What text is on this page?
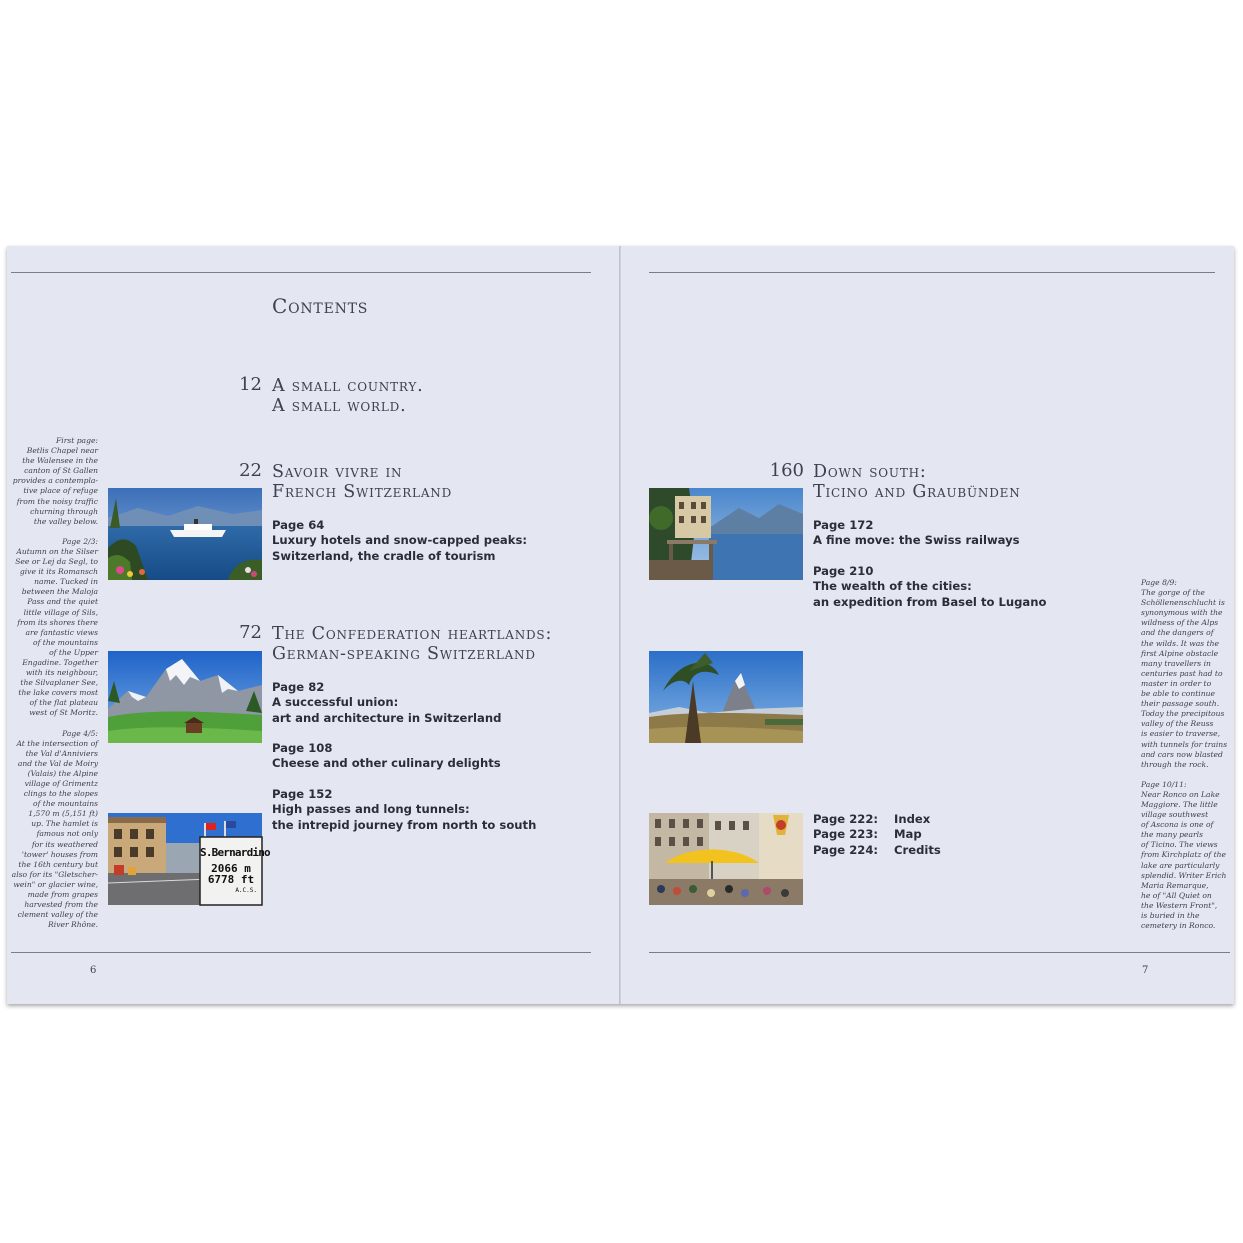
Contents
12 A small country.
A small world.
22 Savoir vivre in
French Switzerland
Page 64
Luxury hotels and snow-capped peaks:
Switzerland, the cradle of tourism
72 The Confederation heartlands:
German-speaking Switzerland
Page 82
A successful union:
art and architecture in Switzerland
Page 108
Cheese and other culinary delights
Page 152
High passes and long tunnels:
the intrepid journey from north to south
S.Bernardino
2066 m
6778 ft
A.C.S.
First page:
Betlis Chapel near
the Walensee in the
canton of St Gallen
provides a contempla-
tive place of refuge
from the noisy traffic
churning through
the valley below.
Page 2/3:
Autumn on the Silser
See or Lej da Segl, to
give it its Romansch
name. Tucked in
between the Maloja
Pass and the quiet
little village of Sils,
from its shores there
are fantastic views
of the mountains
of the Upper
Engadine. Together
with its neighbour,
the Silvaplaner See,
the lake covers most
of the flat plateau
west of St Moritz.
Page 4/5:
At the intersection of
the Val d'Anniviers
and the Val de Moiry
(Valais) the Alpine
village of Grimentz
clings to the slopes
of the mountains
1,570 m (5,151 ft)
up. The hamlet is
famous not only
for its weathered
'tower' houses from
the 16th century but
also for its "Gletscher-
wein" or glacier wine,
made from grapes
harvested from the
clement valley of the
River Rhône.
6
160 Down south:
Ticino and Graubünden
Page 172
A fine move: the Swiss railways
Page 210
The wealth of the cities:
an expedition from Basel to Lugano
Page 222:	Index
Page 223:	Map
Page 224:	Credits
Page 8/9:
The gorge of the
Schöllenenschlucht is
synonymous with the
wildness of the Alps
and the dangers of
the wilds. It was the
first Alpine obstacle
many travellers in
centuries past had to
master in order to
be able to continue
their passage south.
Today the precipitous
valley of the Reuss
is easier to traverse,
with tunnels for trains
and cars now blasted
through the rock.
Page 10/11:
Near Ronco on Lake
Maggiore. The little
village southwest
of Ascona is one of
the many pearls
of Ticino. The views
from Kirchplatz of the
lake are particularly
splendid. Writer Erich
Maria Remarque,
he of "All Quiet on
the Western Front",
is buried in the
cemetery in Ronco.
7
